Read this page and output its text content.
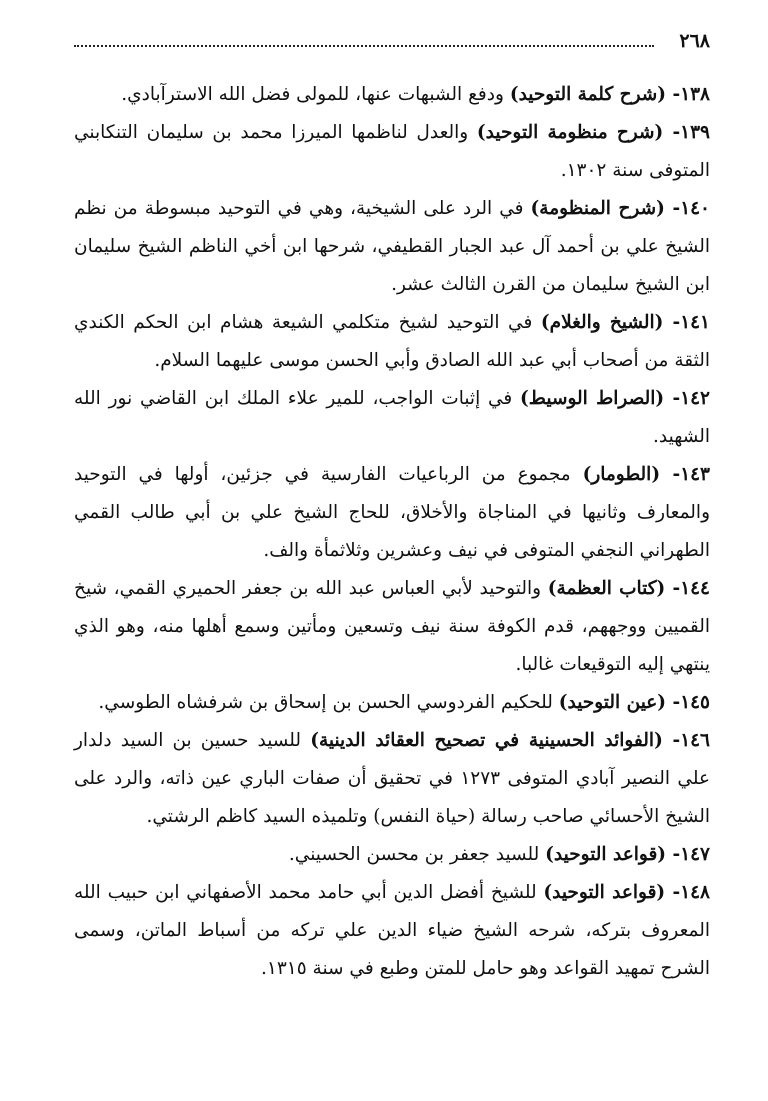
٢٦٨

١٣٨- (شرح كلمة التوحيد) ودفع الشبهات عنها، للمولى فضل الله الاسترآبادي.

١٣٩- (شرح منظومة التوحيد) والعدل لناظمها الميرزا محمد بن سليمان التنكابني المتوفى سنة ١٣٠٢.

١٤٠- (شرح المنظومة) في الرد على الشيخية، وهي في التوحيد مبسوطة من نظم الشيخ علي بن أحمد آل عبد الجبار القطيفي، شرحها ابن أخي الناظم الشيخ سليمان ابن الشيخ سليمان من القرن الثالث عشر.

١٤١- (الشيخ والغلام) في التوحيد لشيخ متكلمي الشيعة هشام ابن الحكم الكندي الثقة من أصحاب أبي عبد الله الصادق وأبي الحسن موسى عليهما السلام.

١٤٢- (الصراط الوسيط) في إثبات الواجب، للمير علاء الملك ابن القاضي نور الله الشهيد.

١٤٣- (الطومار) مجموع من الرباعيات الفارسية في جزئين، أولها في التوحيد والمعارف وثانيها في المناجاة والأخلاق، للحاج الشيخ علي بن أبي طالب القمي الطهراني النجفي المتوفى في نيف وعشرين وثلاثمأة والف.

١٤٤- (كتاب العظمة) والتوحيد لأبي العباس عبد الله بن جعفر الحميري القمي، شيخ القميين ووجههم، قدم الكوفة سنة نيف وتسعين ومأتين وسمع أهلها منه، وهو الذي ينتهي إليه التوقيعات غالبا.

١٤٥- (عين التوحيد) للحكيم الفردوسي الحسن بن إسحاق بن شرفشاه الطوسي.

١٤٦- (الفوائد الحسينية في تصحيح العقائد الدينية) للسيد حسين بن السيد دلدار علي النصير آبادي المتوفى ١٢٧٣ في تحقيق أن صفات الباري عين ذاته، والرد على الشيخ الأحسائي صاحب رسالة (حياة النفس) وتلميذه السيد كاظم الرشتي.

١٤٧- (قواعد التوحيد) للسيد جعفر بن محسن الحسيني.

١٤٨- (قواعد التوحيد) للشيخ أفضل الدين أبي حامد محمد الأصفهاني ابن حبيب الله المعروف بتركه، شرحه الشيخ ضياء الدين علي تركه من أسباط الماتن، وسمى الشرح تمهيد القواعد وهو حامل للمتن وطبع في سنة ١٣١٥.
